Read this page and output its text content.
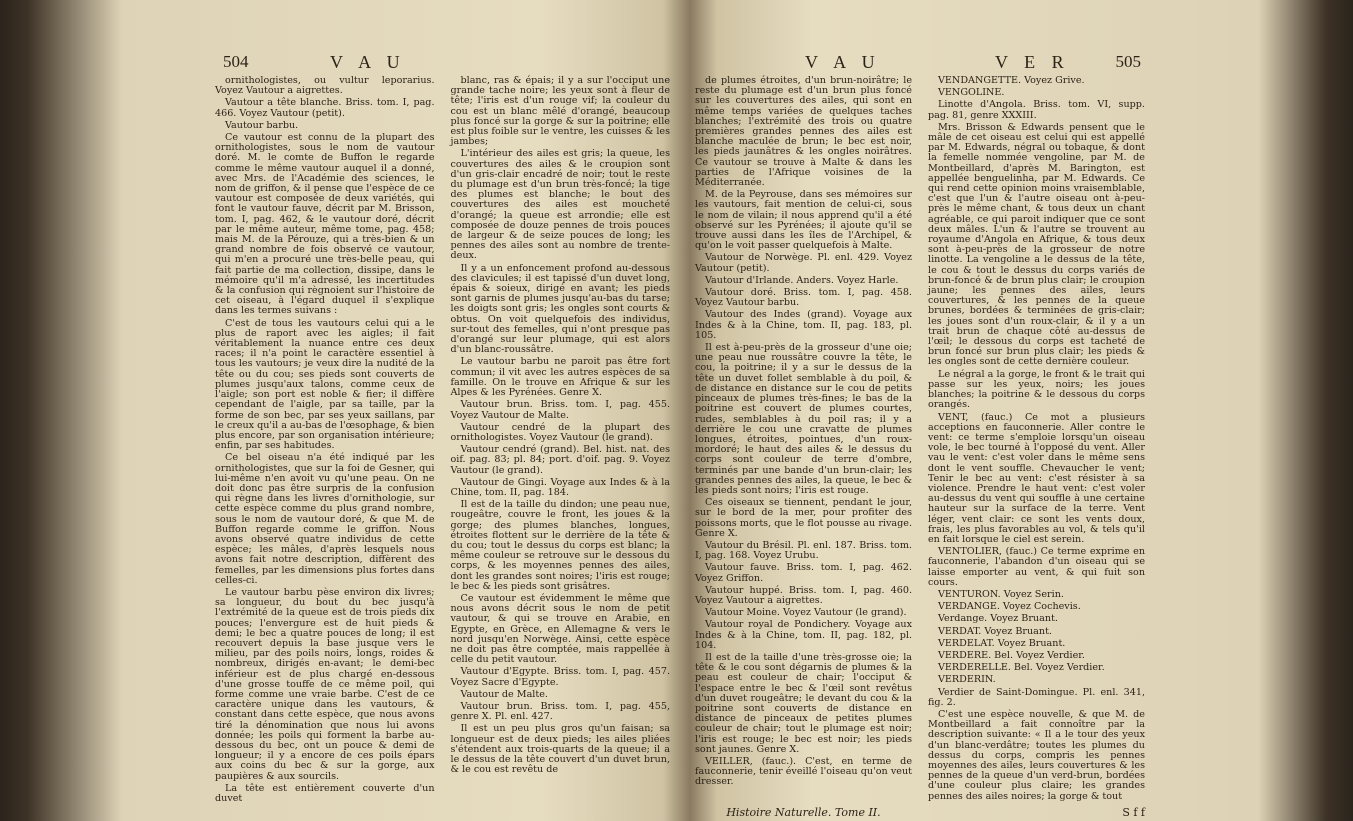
504	V A U

ornithologistes, ou vultur leporarius. Voyez Vautour a aigrettes.

Vautour a tête blanche. Briss. tom. I, pag. 466. Voyez Vautour (petit).

Vautour barbu.

Ce vautour est connu de la plupart des ornithologistes, sous le nom de vautour doré. M. le comte de Buffon le regarde comme le même vautour auquel il a donné, avec Mrs. de l'Académie des sciences, le nom de griffon, & il pense que l'espèce de ce vautour est composée de deux variétés, qui font le vautour fauve, décrit par M. Brisson, tom. I, pag. 462, & le vautour doré, décrit par le même auteur, même tome, pag. 458; mais M. de la Pérouze, qui a très-bien & un grand nombre de fois observé ce vautour, qui m'en a procuré une très-belle peau, qui fait partie de ma collection, dissipe, dans le mémoire qu'il m'a adressé, les incertitudes & la confusion qui règnoient sur l'histoire de cet oiseau, à l'égard duquel il s'explique dans les termes suivans :

C'est de tous les vautours celui qui a le plus de raport avec les aigles; il fait véritablement la nuance entre ces deux races; il n'a point le caractère essentiel à tous les vautours; je veux dire la nudité de la tête ou du cou; ses pieds sont couverts de plumes jusqu'aux talons, comme ceux de l'aigle; son port est noble & fier; il diffère cependant de l'aigle, par sa taille, par la forme de son bec, par ses yeux saillans, par le creux qu'il a au-bas de l'œsophage, & bien plus encore, par son organisation intérieure; enfin, par ses habitudes.

Ce bel oiseau n'a été indiqué par les ornithologistes, que sur la foi de Gesner, qui lui-même n'en avoit vu qu'une peau. On ne doit donc pas être surpris de la confusion qui règne dans les livres d'ornithologie, sur cette espèce comme du plus grand nombre, sous le nom de vautour doré, & que M. de Buffon regarde comme le griffon. Nous avons observé quatre individus de cette espèce; les mâles, d'après lesquels nous avons fait notre description, diffèrent des femelles, par les dimensions plus fortes dans celles-ci.

Le vautour barbu pèse environ dix livres; sa longueur, du bout du bec jusqu'à l'extrémité de la queue est de trois pieds dix pouces; l'envergure est de huit pieds & demi; le bec a quatre pouces de long; il est recouvert depuis la base jusque vers le milieu, par des poils noirs, longs, roides & nombreux, dirigés en-avant; le demi-bec inférieur est de plus chargé en-dessous d'une grosse touffe de ce même poil, qui forme comme une vraie barbe. C'est de ce caractère unique dans les vautours, & constant dans cette espèce, que nous avons tiré la dénomination que nous lui avons donnée; les poils qui forment la barbe au-dessous du bec, ont un pouce & demi de longueur; il y a encore de ces poils épars aux coins du bec & sur la gorge, aux paupières & aux sourcils.

La tête est entièrement couverte d'un duvet

blanc, ras & épais; il y a sur l'occiput une grande tache noire; les yeux sont à fleur de tête; l'iris est d'un rouge vif; la couleur du cou est un blanc mêlé d'orangé, beaucoup plus foncé sur la gorge & sur la poitrine; elle est plus foible sur le ventre, les cuisses & les jambes;

L'intérieur des ailes est gris; la queue, les couvertures des ailes & le croupion sont d'un gris-clair encadré de noir; tout le reste du plumage est d'un brun très-foncé; la tige des plumes est blanche; le bout des couvertures des ailes est moucheté d'orangé; la queue est arrondie; elle est composée de douze pennes de trois pouces de largeur & de seize pouces de long; les pennes des ailes sont au nombre de trente-deux.

Il y a un enfoncement profond au-dessous des clavicules; il est tapissé d'un duvet long, épais & soieux, dirigé en avant; les pieds sont garnis de plumes jusqu'au-bas du tarse; les doigts sont gris; les ongles sont courts & obtus. On voit quelquefois des individus, sur-tout des femelles, qui n'ont presque pas d'orangé sur leur plumage, qui est alors d'un blanc-roussâtre.

Le vautour barbu ne paroit pas être fort commun; il vit avec les autres espèces de sa famille. On le trouve en Afrique & sur les Alpes & les Pyrénées. Genre X.

Vautour brun. Briss. tom. I, pag. 455. Voyez Vautour de Malte.

Vautour cendré de la plupart des ornithologistes. Voyez Vautour (le grand).

Vautour cendré (grand). Bel. hist. nat. des oif. pag. 83; pl. 84; port. d'oif. pag. 9. Voyez Vautour (le grand).

Vautour de Gingi. Voyage aux Indes & à la Chine, tom. II, pag. 184.

Il est de la taille du dindon; une peau nue, rougeâtre, couvre le front, les joues & la gorge; des plumes blanches, longues, étroites flottent sur le derrière de la tête & du cou; tout le dessus du corps est blanc; la même couleur se retrouve sur le dessous du corps, & les moyennes pennes des ailes, dont les grandes sont noires; l'iris est rouge; le bec & les pieds sont grisâtres.

Ce vautour est évidemment le même que nous avons décrit sous le nom de petit vautour, & qui se trouve en Arabie, en Egypte, en Grèce, en Allemagne & vers le nord jusqu'en Norwège. Ainsi, cette espèce ne doit pas être comptée, mais rappellée à celle du petit vautour.

Vautour d'Egypte. Briss. tom. I, pag. 457. Voyez Sacre d'Egypte.

Vautour de Malte.

Vautour brun. Briss. tom. I, pag. 455, genre X. Pl. enl. 427.

Il est un peu plus gros qu'un faisan; sa longueur est de deux pieds; les ailes pliées s'étendent aux trois-quarts de la queue; il a le dessus de la tête couvert d'un duvet brun, & le cou est revêtu de

V A U	V E R	505

de plumes étroites, d'un brun-noirâtre; le reste du plumage est d'un brun plus foncé sur les couvertures des ailes, qui sont en même temps variées de quelques taches blanches; l'extrémité des trois ou quatre premières grandes pennes des ailes est blanche maculée de brun; le bec est noir, les pieds jaunâtres & les ongles noirâtres. Ce vautour se trouve à Malte & dans les parties de l'Afrique voisines de la Méditerranée.

M. de la Peyrouse, dans ses mémoires sur les vautours, fait mention de celui-ci, sous le nom de vilain; il nous apprend qu'il a été observé sur les Pyrénées; il ajoute qu'il se trouve aussi dans les îles de l'Archipel, & qu'on le voit passer quelquefois à Malte.

Vautour de Norwège. Pl. enl. 429. Voyez Vautour (petit).

Vautour d'Irlande. Anders. Voyez Harle.

Vautour doré. Briss. tom. I, pag. 458. Voyez Vautour barbu.

Vautour des Indes (grand). Voyage aux Indes & à la Chine, tom. II, pag. 183, pl. 105.

Il est à-peu-près de la grosseur d'une oie; une peau nue roussâtre couvre la tête, le cou, la poitrine; il y a sur le dessus de la tête un duvet follet semblable à du poil, & de distance en distance sur le cou de petits pinceaux de plumes très-fines; le bas de la poitrine est couvert de plumes courtes, rudes, semblables à du poil ras; il y a derrière le cou une cravatte de plumes longues, étroites, pointues, d'un roux-mordoré; le haut des ailes & le dessus du corps sont couleur de terre d'ombre, terminés par une bande d'un brun-clair; les grandes pennes des ailes, la queue, le bec & les pieds sont noirs; l'iris est rouge.

Ces oiseaux se tiennent, pendant le jour, sur le bord de la mer, pour profiter des poissons morts, que le flot pousse au rivage. Genre X.

Vautour du Brésil. Pl. enl. 187. Briss. tom. I, pag. 168. Voyez Urubu.

Vautour fauve. Briss. tom. I, pag. 462. Voyez Griffon.

Vautour huppé. Briss. tom. I, pag. 460. Voyez Vautour a aigrettes.

Vautour Moine. Voyez Vautour (le grand).

Vautour royal de Pondichery. Voyage aux Indes & à la Chine, tom. II, pag. 182, pl. 104.

Il est de la taille d'une très-grosse oie; la tête & le cou sont dégarnis de plumes & la peau est couleur de chair; l'occiput & l'espace entre le bec & l'œil sont revêtus d'un duvet rougeâtre; le devant du cou & la poitrine sont couverts de distance en distance de pinceaux de petites plumes couleur de chair; tout le plumage est noir; l'iris est rouge; le bec est noir; les pieds sont jaunes. Genre X.

VEILLER, (fauc.). C'est, en terme de fauconnerie, tenir éveillé l'oiseau qu'on veut dresser.

Histoire Naturelle. Tome II.

VENDANGETTE. Voyez Grive.

VENGOLINE.

Linotte d'Angola. Briss. tom. VI, supp. pag. 81, genre XXXIII.

Mrs. Brisson & Edwards pensent que le mâle de cet oiseau est celui qui est appellé par M. Edwards, négral ou tobaque, & dont la femelle nommée vengoline, par M. de Montbeillard, d'après M. Barington, est appellée benguelinha, par M. Edwards. Ce qui rend cette opinion moins vraisemblable, c'est que l'un & l'autre oiseau ont à-peu-près le même chant, & tous deux un chant agréable, ce qui paroit indiquer que ce sont deux mâles. L'un & l'autre se trouvent au royaume d'Angola en Afrique, & tous deux sont à-peu-près de la grosseur de notre linotte. La vengoline a le dessus de la tête, le cou & tout le dessus du corps variés de brun-foncé & de brun plus clair; le croupion jaune; les pennes des ailes, leurs couvertures, & les pennes de la queue brunes, bordées & terminées de gris-clair; les joues sont d'un roux-clair, & il y a un trait brun de chaque côté au-dessus de l'œil; le dessous du corps est tacheté de brun foncé sur brun plus clair; les pieds & les ongles sont de cette dernière couleur.

Le négral a la gorge, le front & le trait qui passe sur les yeux, noirs; les joues blanches; la poitrine & le dessous du corps orangés.

VENT, (fauc.) Ce mot a plusieurs acceptions en fauconnerie. Aller contre le vent: ce terme s'emploie lorsqu'un oiseau vole, le bec tourné à l'opposé du vent. Aller vau le vent: c'est voler dans le même sens dont le vent souffle. Chevaucher le vent; Tenir le bec au vent: c'est résister à sa violence. Prendre le haut vent: c'est voler au-dessus du vent qui souffle à une certaine hauteur sur la surface de la terre. Vent léger, vent clair: ce sont les vents doux, frais, les plus favorables au vol, & tels qu'il en fait lorsque le ciel est serein.

VENTOLIER, (fauc.) Ce terme exprime en fauconnerie, l'abandon d'un oiseau qui se laisse emporter au vent, & qui fuit son cours.

VENTURON. Voyez Serin.

VERDANGE. Voyez Cochevis.

Verdange. Voyez Bruant.

VERDAT. Voyez Bruant.

VERDELAT. Voyez Bruant.

VERDERE. Bel. Voyez Verdier.

VERDERELLE. Bel. Voyez Verdier.

VERDERIN.

Verdier de Saint-Domingue. Pl. enl. 341, fig. 2.

C'est une espèce nouvelle, & que M. de Montbeillard a fait connoître par la description suivante: « Il a le tour des yeux d'un blanc-verdâtre; toutes les plumes du dessus du corps, compris les pennes moyennes des ailes, leurs couvertures & les pennes de la queue d'un verd-brun, bordées d'une couleur plus claire; les grandes pennes des ailes noires; la gorge & tout

S f f
